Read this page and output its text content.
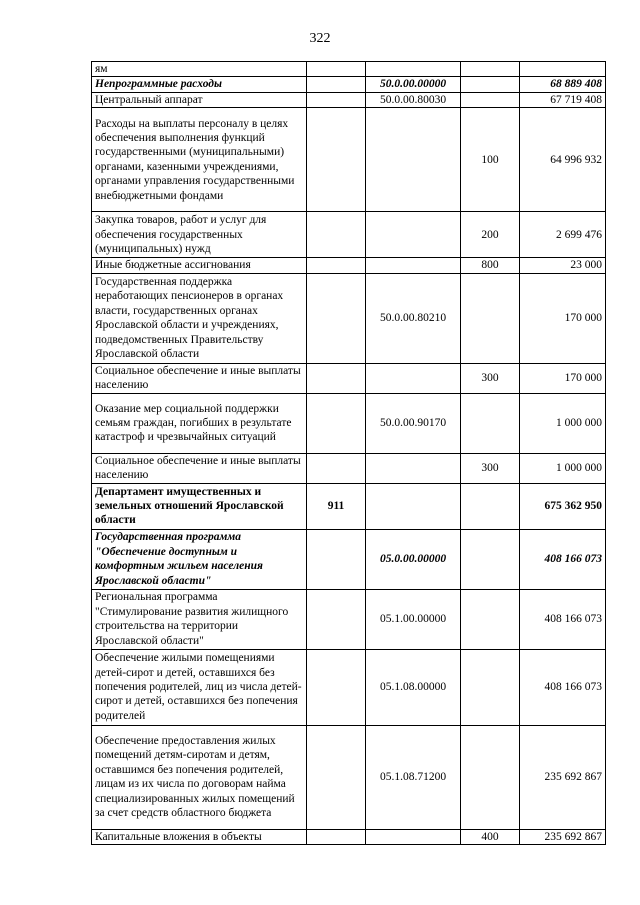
322
ям				
Непрограммные расходы		50.0.00.00000		68 889 408
Центральный аппарат		50.0.00.80030		67 719 408
Расходы на выплаты персоналу в целях обеспечения выполнения функций государственными (муниципальными) органами, казенными учреждениями, органами управления государственными внебюджетными фондами			100	64 996 932
Закупка товаров, работ и услуг для обеспечения государственных (муниципальных) нужд			200	2 699 476
Иные бюджетные ассигнования			800	23 000
Государственная поддержка неработающих пенсионеров в органах власти, государственных органах Ярославской области и учреждениях, подведомственных Правительству Ярославской области		50.0.00.80210		170 000
Социальное обеспечение и иные выплаты населению			300	170 000
Оказание мер социальной поддержки семьям граждан, погибших в результате катастроф и чрезвычайных ситуаций		50.0.00.90170		1 000 000
Социальное обеспечение и иные выплаты населению			300	1 000 000
Департамент имущественных и земельных отношений Ярославской области	911			675 362 950
Государственная программа "Обеспечение доступным и комфортным жильем населения Ярославской области"		05.0.00.00000		408 166 073
Региональная программа "Стимулирование развития жилищного строительства на территории Ярославской области"		05.1.00.00000		408 166 073
Обеспечение жилыми помещениями детей-сирот и детей, оставшихся без попечения родителей, лиц из числа детей-сирот и детей, оставшихся без попечения родителей		05.1.08.00000		408 166 073
Обеспечение предоставления жилых помещений детям-сиротам и детям, оставшимся без попечения родителей, лицам из их числа по договорам найма специализированных жилых помещений за счет средств областного бюджета		05.1.08.71200		235 692 867
Капитальные вложения в объекты			400	235 692 867
